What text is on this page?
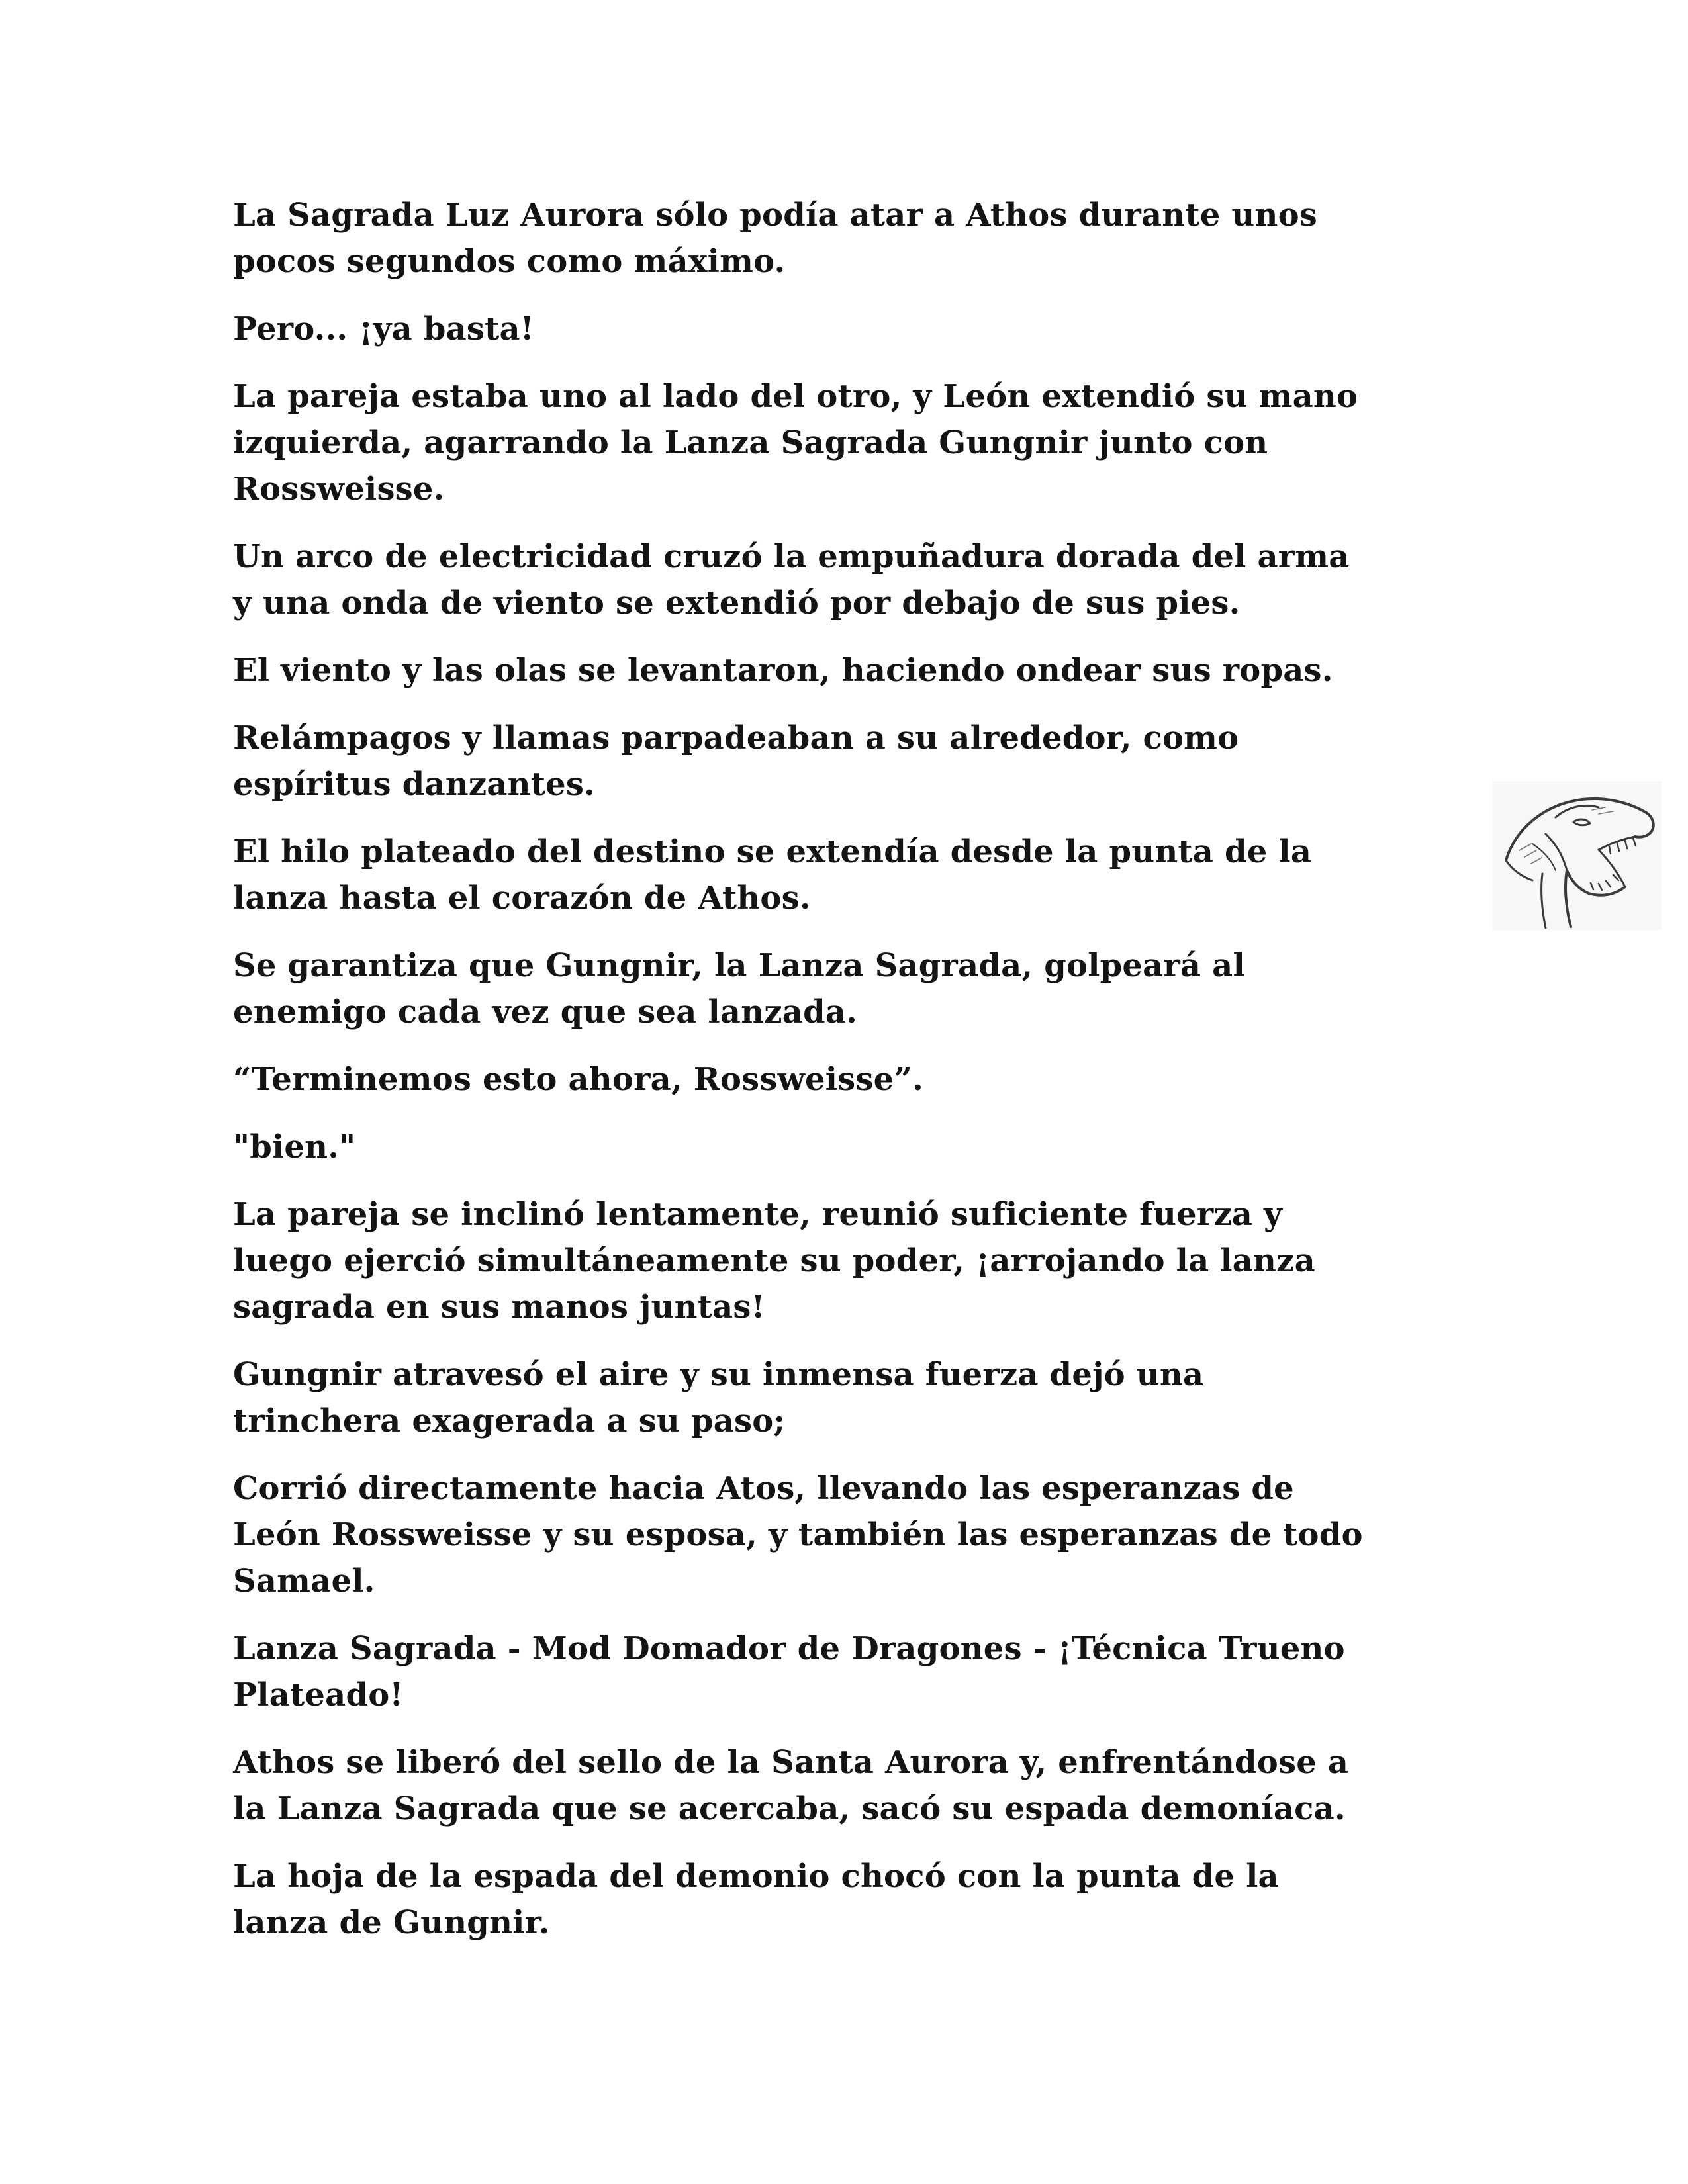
La Sagrada Luz Aurora sólo podía atar a Athos durante unos
pocos segundos como máximo.

Pero... ¡ya basta!

La pareja estaba uno al lado del otro, y León extendió su mano
izquierda, agarrando la Lanza Sagrada Gungnir junto con
Rossweisse.

Un arco de electricidad cruzó la empuñadura dorada del arma
y una onda de viento se extendió por debajo de sus pies.

El viento y las olas se levantaron, haciendo ondear sus ropas.

Relámpagos y llamas parpadeaban a su alrededor, como
espíritus danzantes.

El hilo plateado del destino se extendía desde la punta de la
lanza hasta el corazón de Athos.

Se garantiza que Gungnir, la Lanza Sagrada, golpeará al
enemigo cada vez que sea lanzada.

“Terminemos esto ahora, Rossweisse”.

"bien."

La pareja se inclinó lentamente, reunió suficiente fuerza y
luego ejerció simultáneamente su poder, ¡arrojando la lanza
sagrada en sus manos juntas!

Gungnir atravesó el aire y su inmensa fuerza dejó una
trinchera exagerada a su paso;

Corrió directamente hacia Atos, llevando las esperanzas de
León Rossweisse y su esposa, y también las esperanzas de todo
Samael.

Lanza Sagrada - Mod Domador de Dragones - ¡Técnica Trueno
Plateado!

Athos se liberó del sello de la Santa Aurora y, enfrentándose a
la Lanza Sagrada que se acercaba, sacó su espada demoníaca.

La hoja de la espada del demonio chocó con la punta de la
lanza de Gungnir.
